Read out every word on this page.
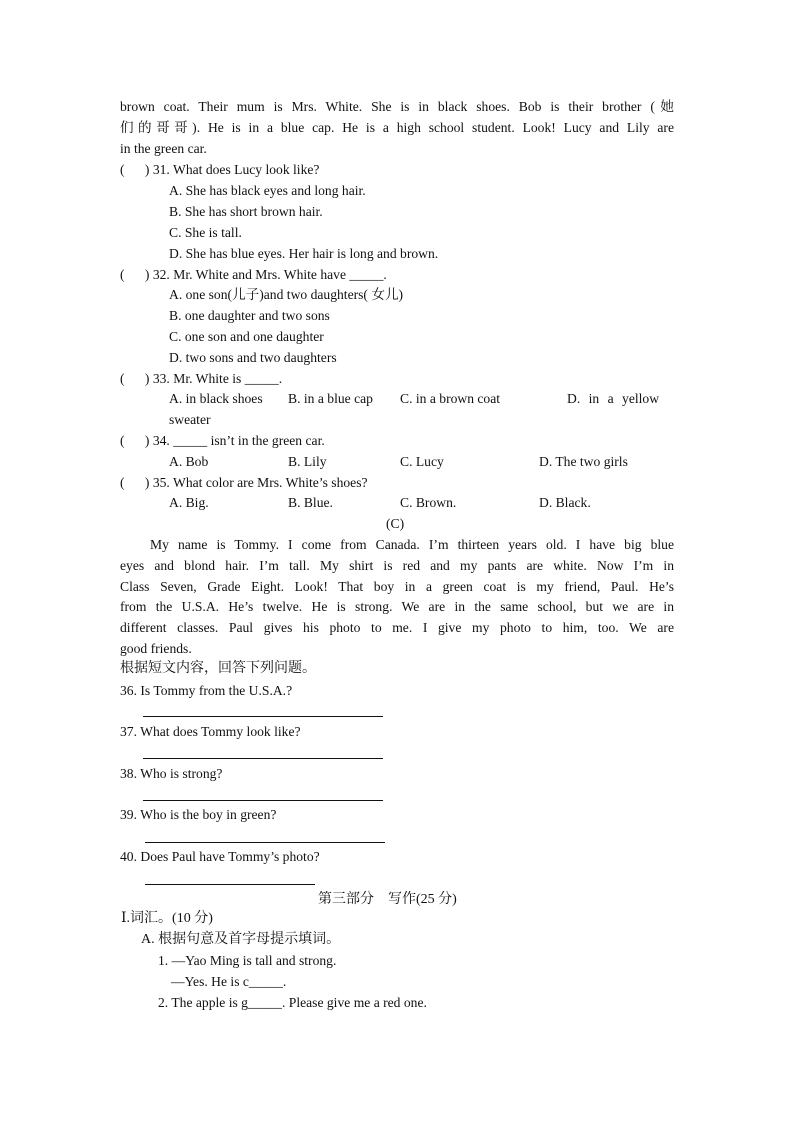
brown coat. Their mum is Mrs. White. She is in black shoes. Bob is their brother (她
们的哥哥). He is in a blue cap. He is a high school student. Look! Lucy and Lily are
in the green car.
(      ) 31. What does Lucy look like?
A. She has black eyes and long hair.
B. She has short brown hair.
C. She is tall.
D. She has blue eyes. Her hair is long and brown.
(      ) 32. Mr. White and Mrs. White have _____.
A. one son(儿子)and two daughters( 女儿)
B. one daughter and two sons
C. one son and one daughter
D. two sons and two daughters
(      ) 33. Mr. White is _____.
A. in black shoes B. in a blue cap C. in a brown coat	D. in a yellow
sweater
(      ) 34. _____ isn’t in the green car.
A. Bob	B. Lily	C. Lucy	D. The two girls
(      ) 35. What color are Mrs. White’s shoes?
A. Big.	B. Blue.	C. Brown.	D. Black.
(C)
My name is Tommy. I come from Canada. I’m thirteen years old. I have big blue
eyes and blond hair. I’m tall. My shirt is red and my pants are white. Now I’m in
Class Seven, Grade Eight. Look! That boy in a green coat is my friend, Paul. He’s
from the U.S.A. He’s twelve. He is strong. We are in the same school, but we are in
different classes. Paul gives his photo to me. I give my photo to him, too. We are
good friends.
根据短文内容，回答下列问题。
36. Is Tommy from the U.S.A.?
37. What does Tommy look like?
38. Who is strong?
39. Who is the boy in green?
40. Does Paul have Tommy’s photo?
第三部分    写作(25 分)
Ⅰ.词汇。(10 分)
A. 根据句意及首字母提示填词。
1. —Yao Ming is tall and strong.
—Yes. He is c_____.
2. The apple is g_____. Please give me a red one.
